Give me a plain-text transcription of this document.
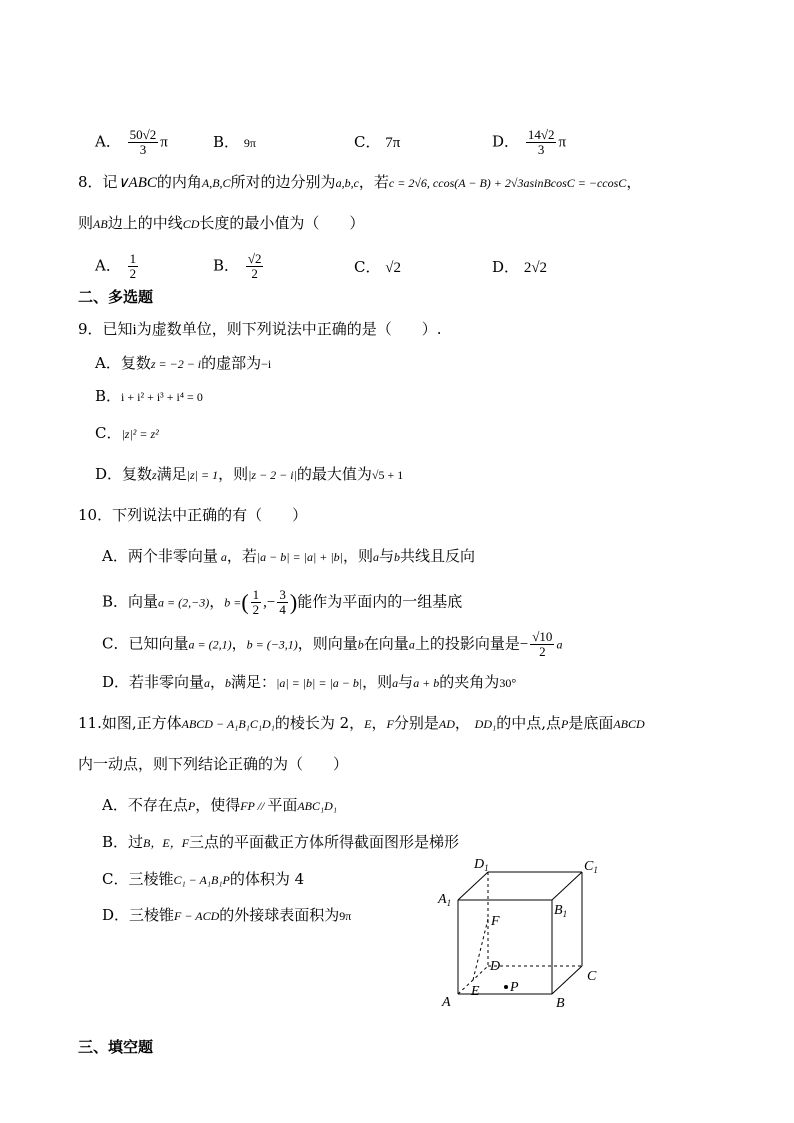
A． $\frac{50√2}{3}$ π	B． 9π	C． 7π	D． $\frac{14√2}{3}$ π
8．记∨ABC的内角A,B,C所对的边分别为a,b,c，若c = 2√6, ccos(A − B) + 2√3asinBcosC = −ccosC，
则AB边上的中线CD长度的最小值为（　　）
A． $\frac{1}{2}$	B． $\frac{√2}{2}$	C． √2	D． 2√2
二、多选题
9．已知i为虚数单位，则下列说法中正确的是（　　）.
A．复数z = −2 − i的虚部为−i
B．i + i² + i³ + i⁴ = 0
C．|z|² = z²
D．复数z满足|z| = 1，则|z − 2 − i|的最大值为√5 + 1
10．下列说法中正确的有（　　）
A．两个非零向量 a，若|a − b| = |a| + |b|，则a与b共线且反向
B．向量a = (2,−3)，b =( $\frac{1}{2}$ ,− $\frac{3}{4}$ )能作为平面内的一组基底
C．已知向量a = (2,1)，b = (−3,1)，则向量b在向量a上的投影向量是− $\frac{√10}{2}$ a
D．若非零向量a，b满足：|a| = |b| = |a − b|，则a与a + b的夹角为30°
11.如图,正方体ABCD − A₁B₁C₁D₁的棱长为 2，E，F分别是AD， DD₁的中点,点P是底面ABCD
内一动点，则下列结论正确的为（　　）
A．不存在点P，使得FP // 平面ABC₁D₁
B．过B，E，F三点的平面截正方体所得截面图形是梯形
C．三棱锥C₁ − A₁B₁P的体积为 4
D．三棱锥F − ACD的外接球表面积为9π
$D_1$	$C_1$
$A_1$	$B_1$
F
D
C
A
E P
B
三、填空题
